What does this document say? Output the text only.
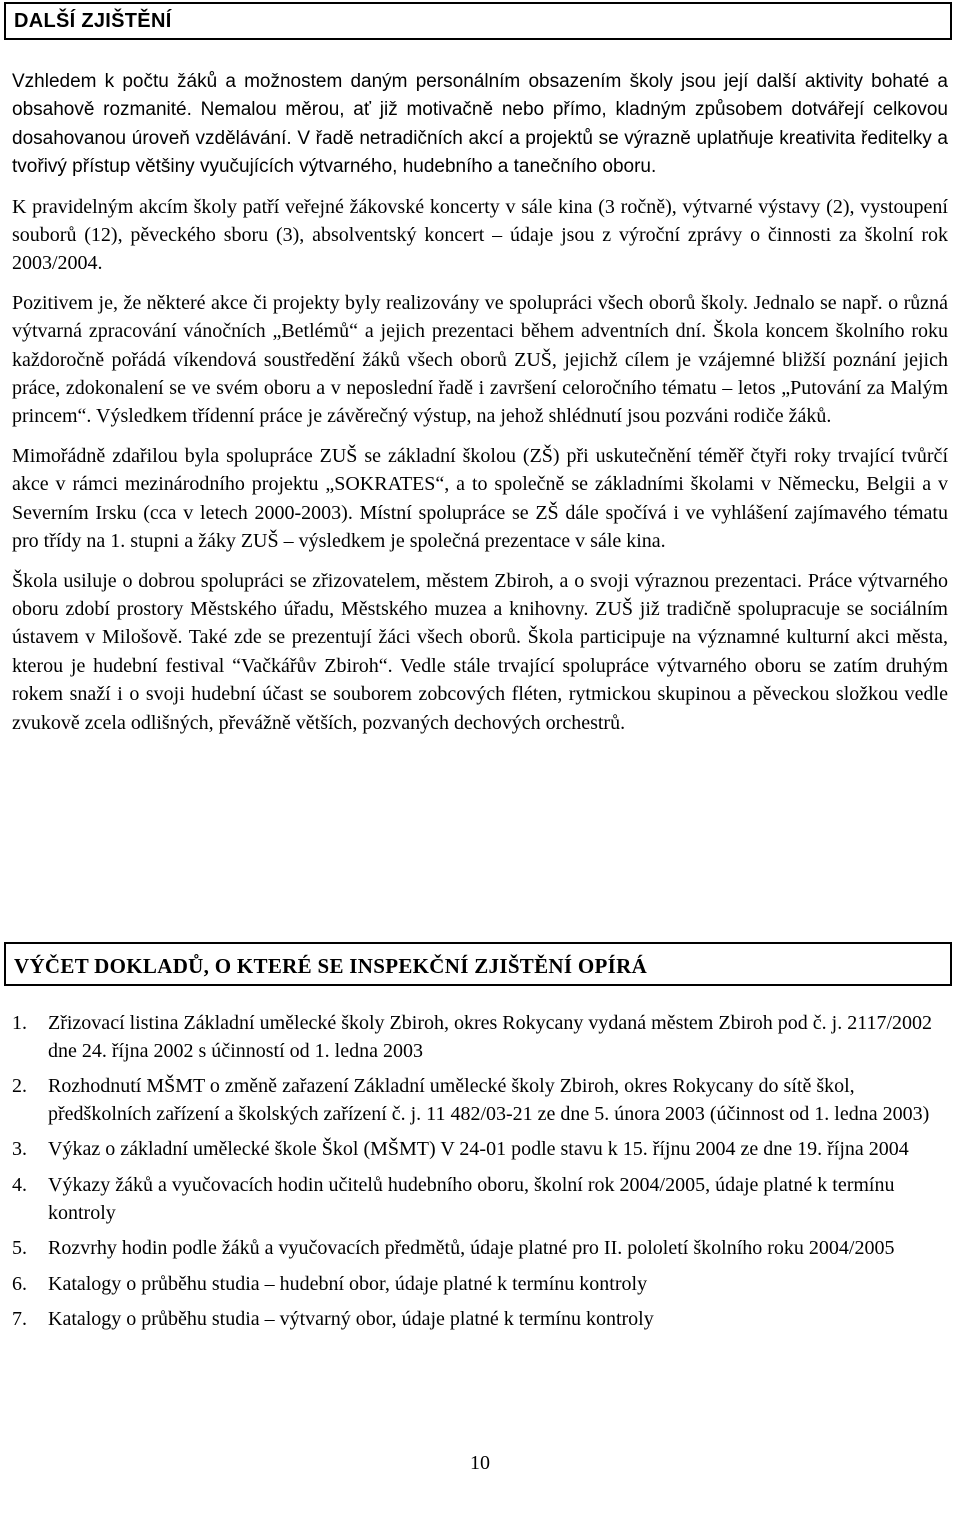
DALŠÍ ZJIŠTĚNÍ

Vzhledem k počtu žáků a možnostem daným personálním obsazením školy jsou její další aktivity bohaté a obsahově rozmanité. Nemalou měrou, ať již motivačně nebo přímo, kladným způsobem dotvářejí celkovou dosahovanou úroveň vzdělávání. V řadě netradičních akcí a projektů se výrazně uplatňuje kreativita ředitelky a tvořivý přístup většiny vyučujících výtvarného, hudebního a tanečního oboru.

K pravidelným akcím školy patří veřejné žákovské koncerty v sále kina (3 ročně), výtvarné výstavy (2), vystoupení souborů (12), pěveckého sboru (3), absolventský koncert – údaje jsou z výroční zprávy o činnosti za školní rok 2003/2004.

Pozitivem je, že některé akce či projekty byly realizovány ve spolupráci všech oborů školy. Jednalo se např. o různá výtvarná zpracování vánočních „Betlémů“ a jejich prezentaci během adventních dní. Škola koncem školního roku každoročně pořádá víkendová soustředění žáků všech oborů ZUŠ, jejichž cílem je vzájemné bližší poznání jejich práce, zdokonalení se ve svém oboru a v neposlední řadě i završení celoročního tématu – letos „Putování za Malým princem“. Výsledkem třídenní práce je závěrečný výstup, na jehož shlédnutí jsou pozváni rodiče žáků.

Mimořádně zdařilou byla spolupráce ZUŠ se základní školou (ZŠ) při uskutečnění téměř čtyři roky trvající tvůrčí akce v rámci mezinárodního projektu „SOKRATES“, a to společně se základními školami v Německu, Belgii a v Severním Irsku (cca v letech 2000-2003). Místní spolupráce se ZŠ dále spočívá i ve vyhlášení zajímavého tématu pro třídy na 1. stupni a žáky ZUŠ – výsledkem je společná prezentace v sále kina.

Škola usiluje o dobrou spolupráci se zřizovatelem, městem Zbiroh, a o svoji výraznou prezentaci. Práce výtvarného oboru zdobí prostory Městského úřadu, Městského muzea a knihovny. ZUŠ již tradičně spolupracuje se sociálním ústavem v Milošově. Také zde se prezentují žáci všech oborů. Škola participuje na významné kulturní akci města, kterou je hudební festival “Vačkářův Zbiroh“. Vedle stále trvající spolupráce výtvarného oboru se zatím druhým rokem snaží i o svoji hudební účast se souborem zobcových fléten, rytmickou skupinou a pěveckou složkou vedle zvukově zcela odlišných, převážně větších, pozvaných dechových orchestrů.

VÝČET DOKLADŮ, O KTERÉ SE INSPEKČNÍ ZJIŠTĚNÍ OPÍRÁ
1. Zřizovací listina Základní umělecké školy Zbiroh, okres Rokycany vydaná městem Zbiroh pod č. j. 2117/2002 dne 24. října 2002 s účinností od 1. ledna 2003
2. Rozhodnutí MŠMT o změně zařazení Základní umělecké školy Zbiroh, okres Rokycany do sítě škol, předškolních zařízení a školských zařízení č. j. 11 482/03-21 ze dne 5. února 2003 (účinnost od 1. ledna 2003)
3. Výkaz o základní umělecké škole Škol (MŠMT) V 24-01 podle stavu k 15. říjnu 2004 ze dne 19. října 2004
4. Výkazy žáků a vyučovacích hodin učitelů hudebního oboru, školní rok 2004/2005, údaje platné k termínu kontroly
5. Rozvrhy hodin podle žáků a vyučovacích předmětů, údaje platné pro II. pololetí školního roku 2004/2005
6. Katalogy o průběhu studia – hudební obor, údaje platné k termínu kontroly
7. Katalogy o průběhu studia – výtvarný obor, údaje platné k termínu kontroly
10
